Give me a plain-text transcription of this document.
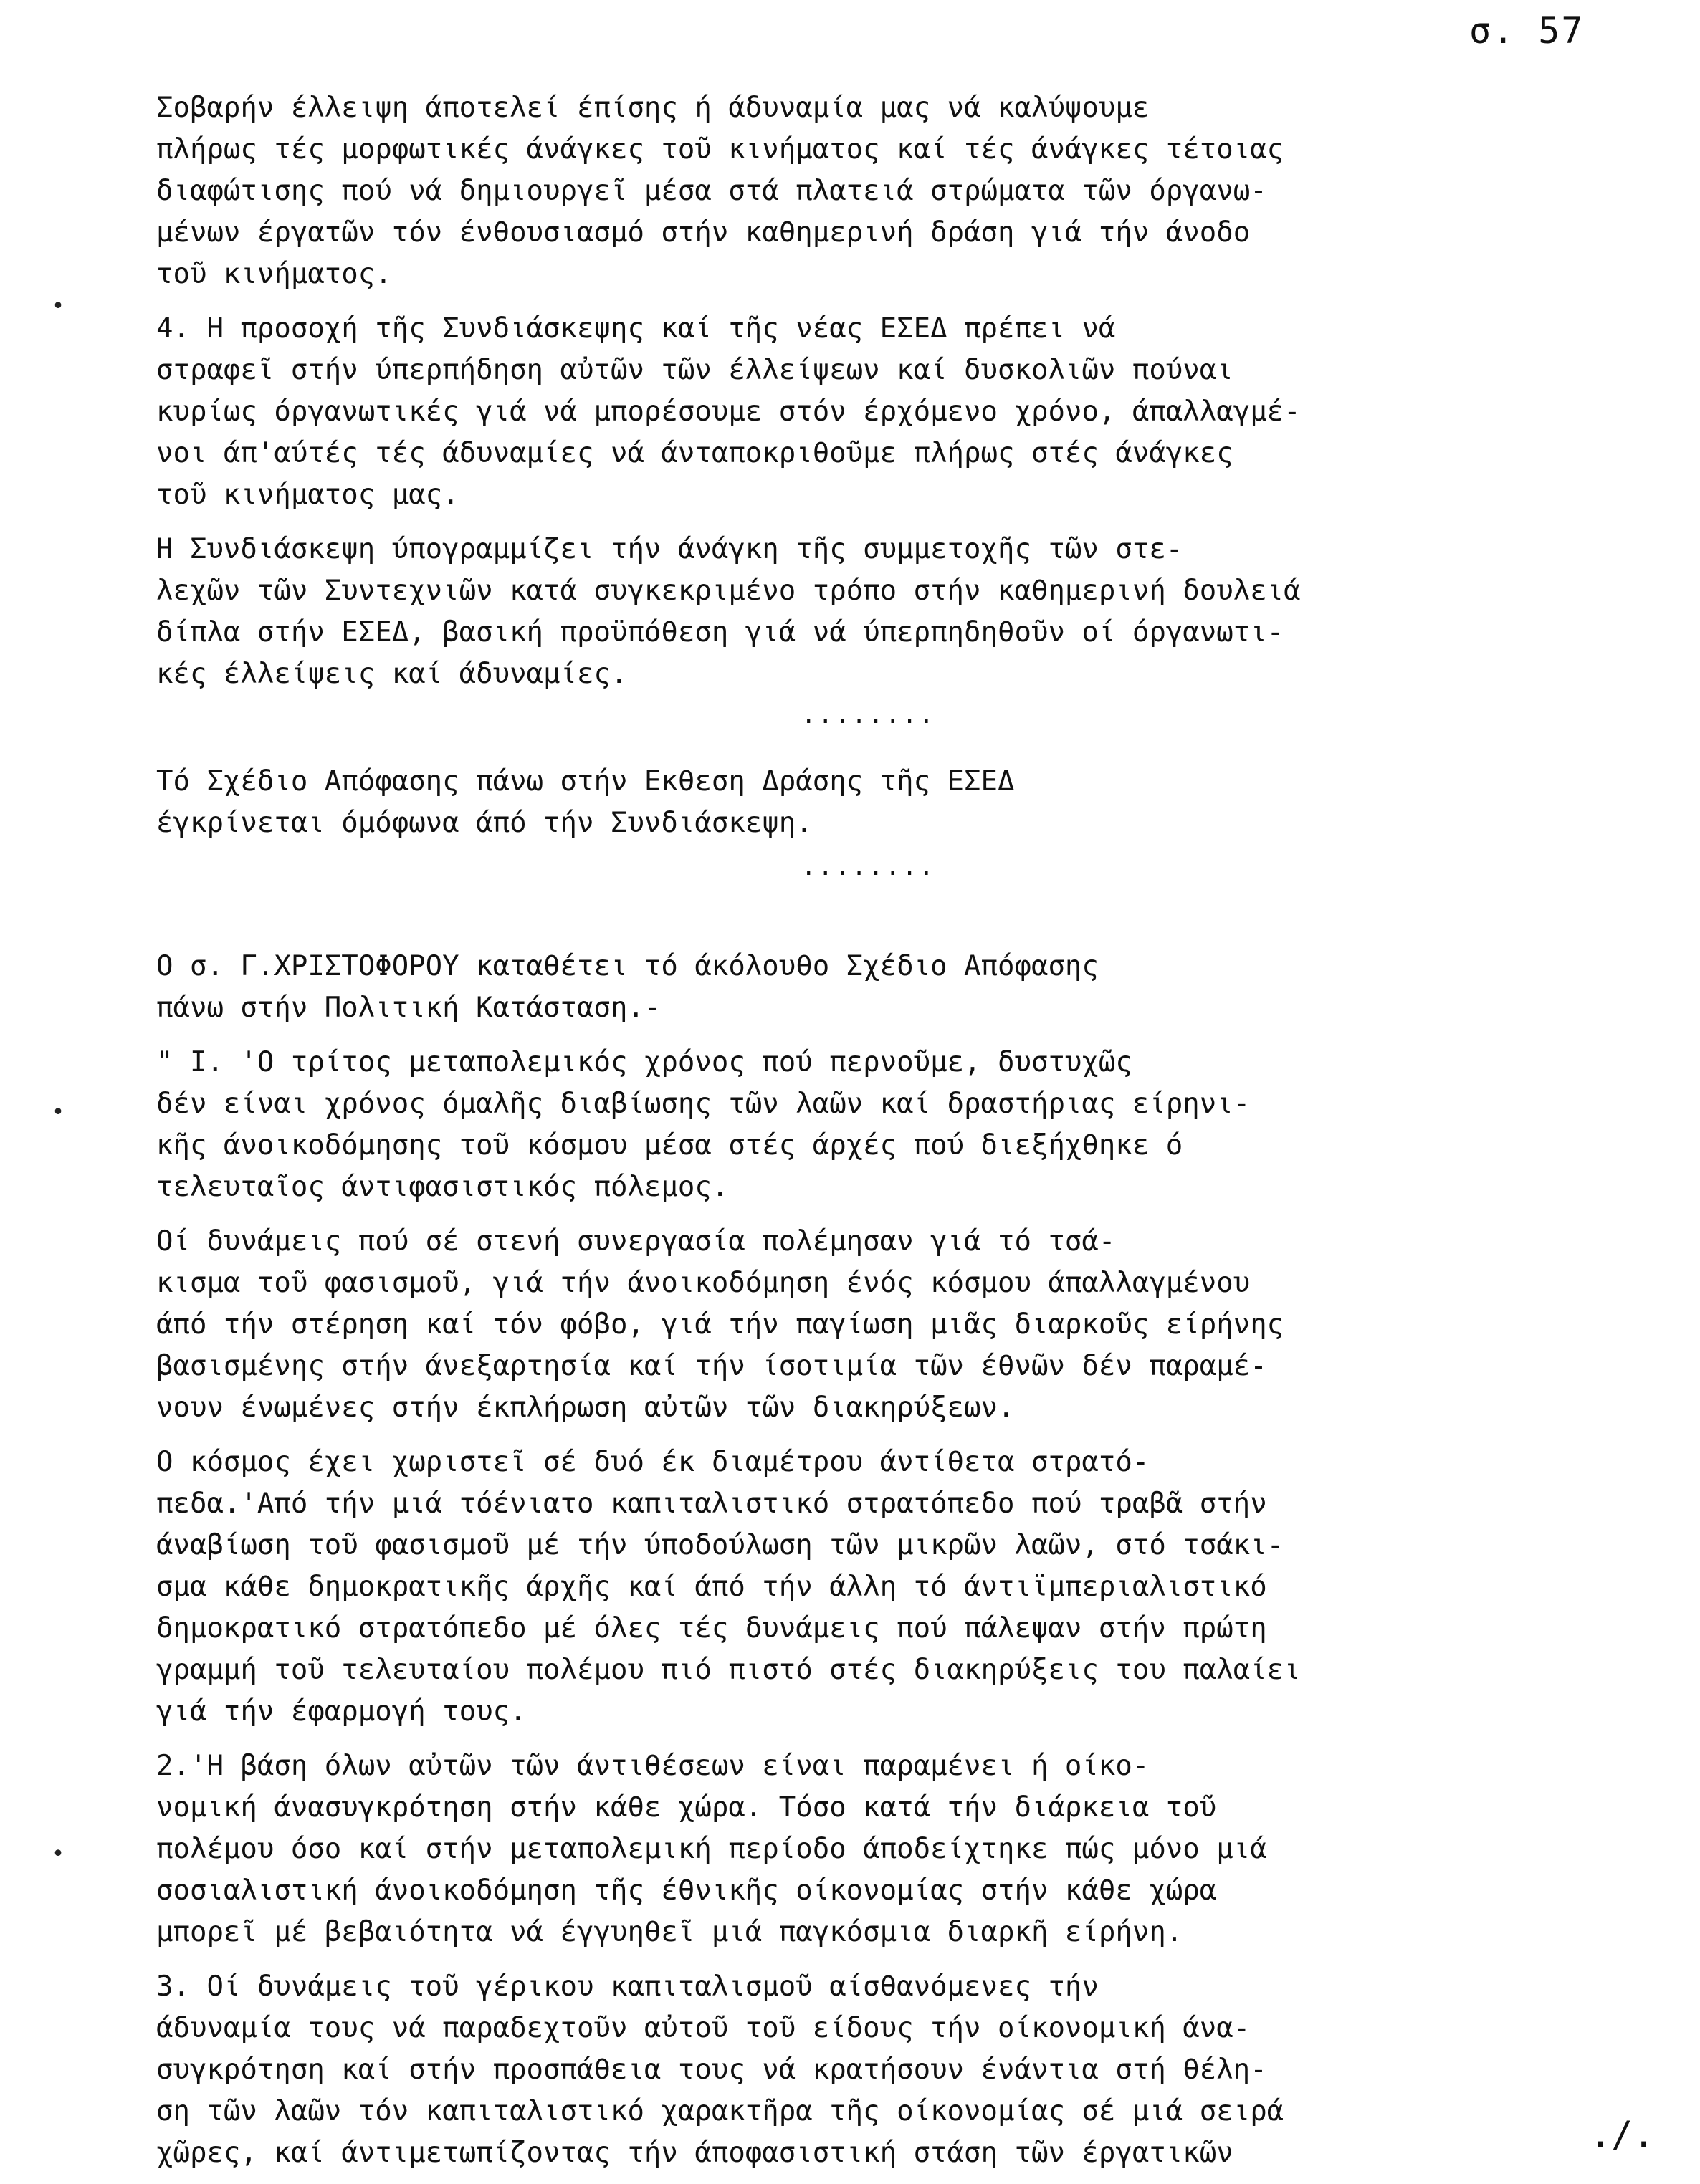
σ. 57
•
•
•

Σοβαρήν έλλειψη άποτελεί έπίσης ή άδυναμία μας νά καλύψουμε
πλήρως τές μορφωτικές άνάγκες τοῦ κινήματος καί τές άνάγκες τέτοιας
διαφώτισης πού νά δημιουργεῖ μέσα στά πλατειά στρώματα τῶν όργανω-
μένων έργατῶν τόν ένθουσιασμό στήν καθημερινή δράση γιά τήν άνοδο
τοῦ κινήματος.

4. Η προσοχή τῆς Συνδιάσκεψης καί τῆς νέας ΕΣΕΔ πρέπει νά
στραφεῖ στήν ύπερπήδηση αὐτῶν τῶν έλλείψεων καί δυσκολιῶν πούναι
κυρίως όργανωτικές γιά νά μπορέσουμε στόν έρχόμενο χρόνο, άπαλλαγμέ-
νοι άπ'αύτές τές άδυναμίες νά άνταποκριθοῦμε πλήρως στές άνάγκες
τοῦ κινήματος μας.

Η Συνδιάσκεψη ύπογραμμίζει τήν άνάγκη τῆς συμμετοχῆς τῶν στε-
λεχῶν τῶν Συντεχνιῶν κατά συγκεκριμένο τρόπο στήν καθημερινή δουλειά
δίπλα στήν ΕΣΕΔ, βασική προϋπόθεση γιά νά ύπερπηδηθοῦν οί όργανωτι-
κές έλλείψεις καί άδυναμίες.

........

Τό Σχέδιο Απόφασης πάνω στήν Εκθεση Δράσης τῆς ΕΣΕΔ
έγκρίνεται όμόφωνα άπό τήν Συνδιάσκεψη.

........

Ο σ. Γ.ΧΡΙΣΤΟΦΟΡΟΥ καταθέτει τό άκόλουθο Σχέδιο Απόφασης
πάνω στήν Πολιτική Κατάσταση.-

" I. 'Ο τρίτος μεταπολεμικός χρόνος πού περνοῦμε, δυστυχῶς
δέν είναι χρόνος όμαλῆς διαβίωσης τῶν λαῶν καί δραστήριας είρηνι-
κῆς άνοικοδόμησης τοῦ κόσμου μέσα στές άρχές πού διεξήχθηκε ό
τελευταῖος άντιφασιστικός πόλεμος.

Οί δυνάμεις πού σέ στενή συνεργασία πολέμησαν γιά τό τσά-
κισμα τοῦ φασισμοῦ, γιά τήν άνοικοδόμηση ένός κόσμου άπαλλαγμένου
άπό τήν στέρηση καί τόν φόβο, γιά τήν παγίωση μιᾶς διαρκοῦς είρήνης
βασισμένης στήν άνεξαρτησία καί τήν ίσοτιμία τῶν έθνῶν δέν παραμέ-
νουν ένωμένες στήν έκπλήρωση αὐτῶν τῶν διακηρύξεων.

Ο κόσμος έχει χωριστεῖ σέ δυό έκ διαμέτρου άντίθετα στρατό-
πεδα.'Από τήν μιά τόένιατο καπιταλιστικό στρατόπεδο πού τραβᾶ στήν
άναβίωση τοῦ φασισμοῦ μέ τήν ύποδούλωση τῶν μικρῶν λαῶν, στό τσάκι-
σμα κάθε δημοκρατικῆς άρχῆς καί άπό τήν άλλη τό άντιϊμπεριαλιστικό
δημοκρατικό στρατόπεδο μέ όλες τές δυνάμεις πού πάλεψαν στήν πρώτη
γραμμή τοῦ τελευταίου πολέμου πιό πιστό στές διακηρύξεις του παλαίει
γιά τήν έφαρμογή τους.

2.'Η βάση όλων αὐτῶν τῶν άντιθέσεων είναι παραμένει ή οίκο-
νομική άνασυγκρότηση στήν κάθε χώρα. Τόσο κατά τήν διάρκεια τοῦ
πολέμου όσο καί στήν μεταπολεμική περίοδο άποδείχτηκε πώς μόνο μιά
σοσιαλιστική άνοικοδόμηση τῆς έθνικῆς οίκονομίας στήν κάθε χώρα
μπορεῖ μέ βεβαιότητα νά έγγυηθεῖ μιά παγκόσμια διαρκῆ είρήνη.

3. Οί δυνάμεις τοῦ γέρικου καπιταλισμοῦ αίσθανόμενες τήν
άδυναμία τους νά παραδεχτοῦν αὐτοῦ τοῦ είδους τήν οίκονομική άνα-
συγκρότηση καί στήν προσπάθεια τους νά κρατήσουν ένάντια στή θέλη-
ση τῶν λαῶν τόν καπιταλιστικό χαρακτῆρα τῆς οίκονομίας σέ μιά σειρά
χῶρες, καί άντιμετωπίζοντας τήν άποφασιστική στάση τῶν έργατικῶν	./.
